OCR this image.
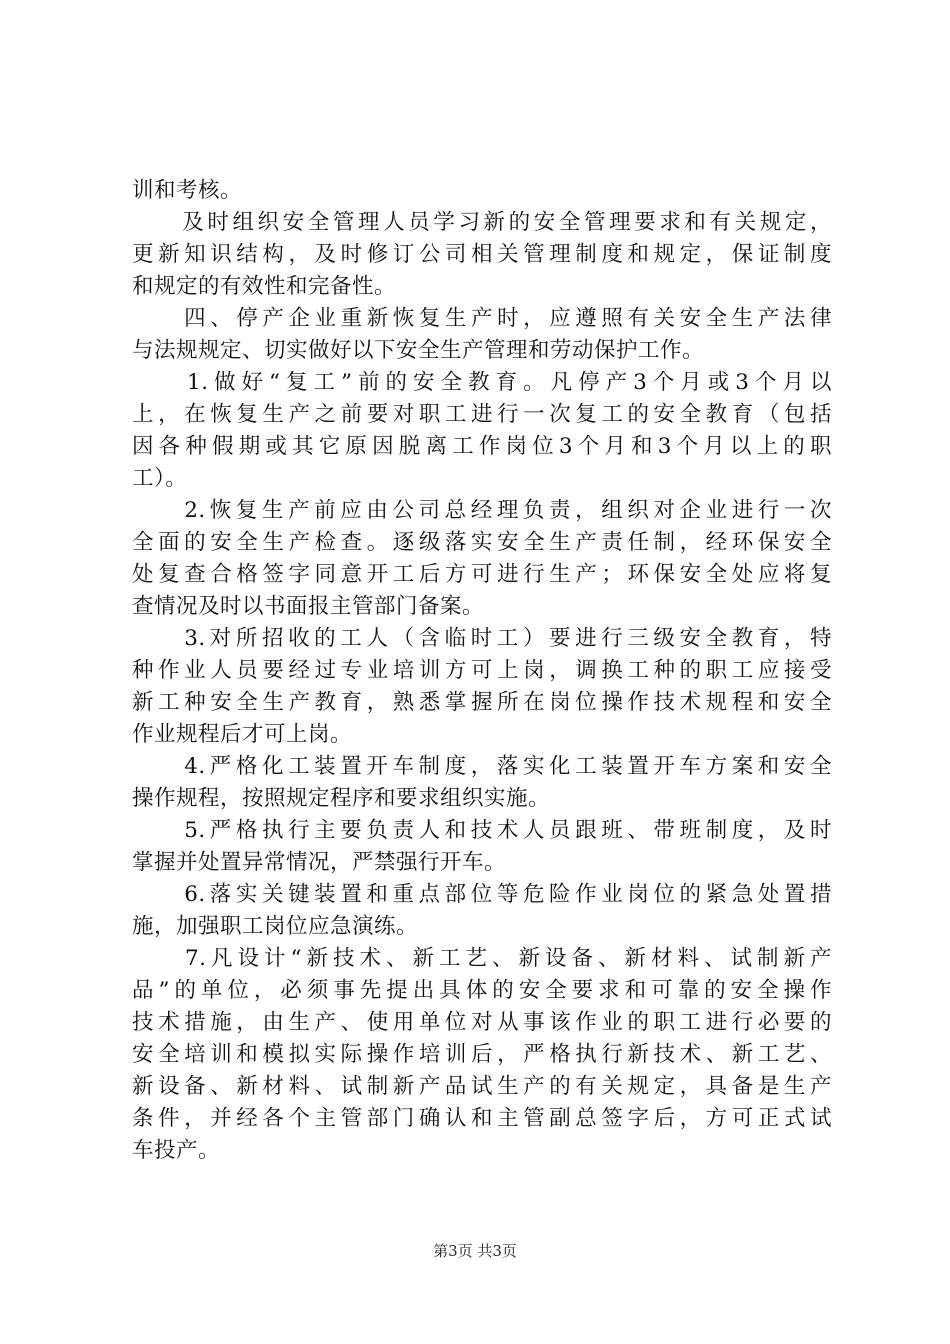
训和考核。

　　及时组织安全管理人员学习新的安全管理要求和有关规定，

更新知识结构，及时修订公司相关管理制度和规定，保证制度

和规定的有效性和完备性。

　　四、停产企业重新恢复生产时，应遵照有关安全生产法律

与法规规定、切实做好以下安全生产管理和劳动保护工作。

　　1.做好“复工”前的安全教育。凡停产3个月或3个月以

上，在恢复生产之前要对职工进行一次复工的安全教育（包括

因各种假期或其它原因脱离工作岗位3个月和3个月以上的职

工）。

　　2.恢复生产前应由公司总经理负责，组织对企业进行一次

全面的安全生产检查。逐级落实安全生产责任制，经环保安全

处复查合格签字同意开工后方可进行生产；环保安全处应将复

查情况及时以书面报主管部门备案。

　　3.对所招收的工人（含临时工）要进行三级安全教育，特

种作业人员要经过专业培训方可上岗，调换工种的职工应接受

新工种安全生产教育，熟悉掌握所在岗位操作技术规程和安全

作业规程后才可上岗。

　　4.严格化工装置开车制度，落实化工装置开车方案和安全

操作规程，按照规定程序和要求组织实施。

　　5.严格执行主要负责人和技术人员跟班、带班制度，及时

掌握并处置异常情况，严禁强行开车。

　　6.落实关键装置和重点部位等危险作业岗位的紧急处置措

施，加强职工岗位应急演练。

　　7.凡设计“新技术、新工艺、新设备、新材料、试制新产

品”的单位，必须事先提出具体的安全要求和可靠的安全操作

技术措施，由生产、使用单位对从事该作业的职工进行必要的

安全培训和模拟实际操作培训后，严格执行新技术、新工艺、

新设备、新材料、试制新产品试生产的有关规定，具备是生产

条件，并经各个主管部门确认和主管副总签字后，方可正式试

车投产。

第3页 共3页
